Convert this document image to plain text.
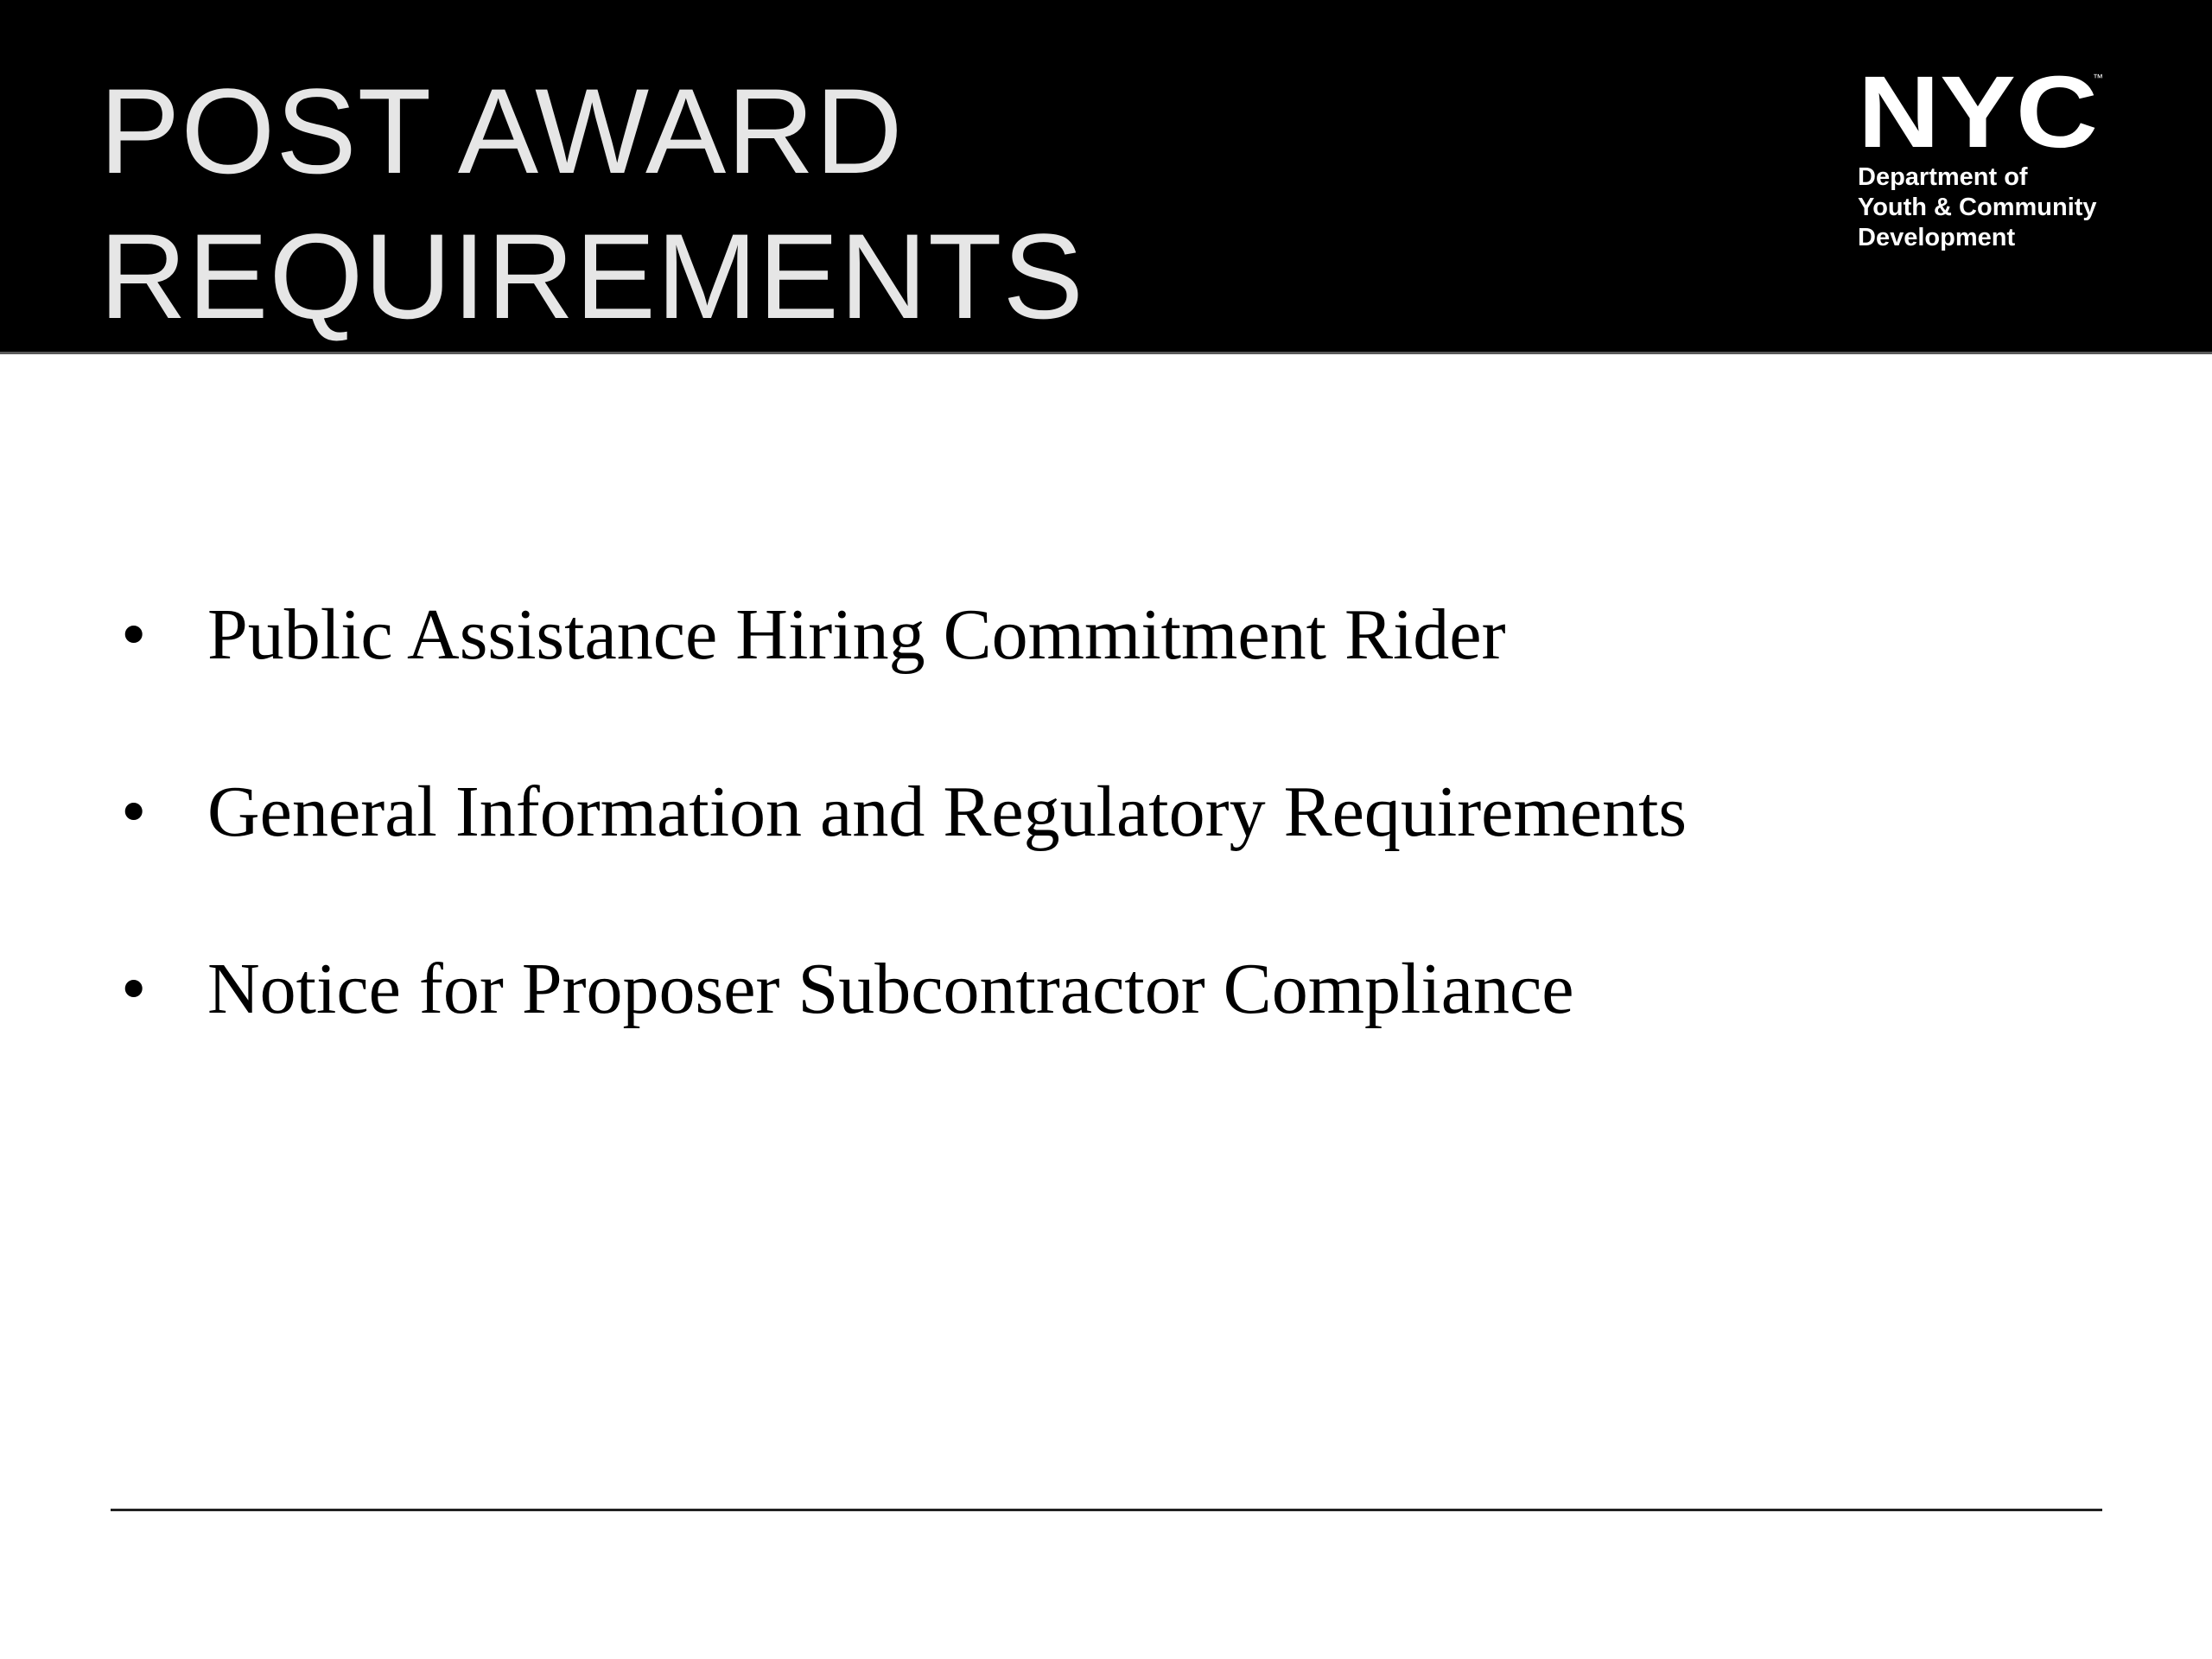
POST AWARD
REQUIREMENTS
NYC
™
Department of
Youth & Community
Development
• Public Assistance Hiring Commitment Rider
• General Information and Regulatory Requirements
• Notice for Proposer Subcontractor Compliance
